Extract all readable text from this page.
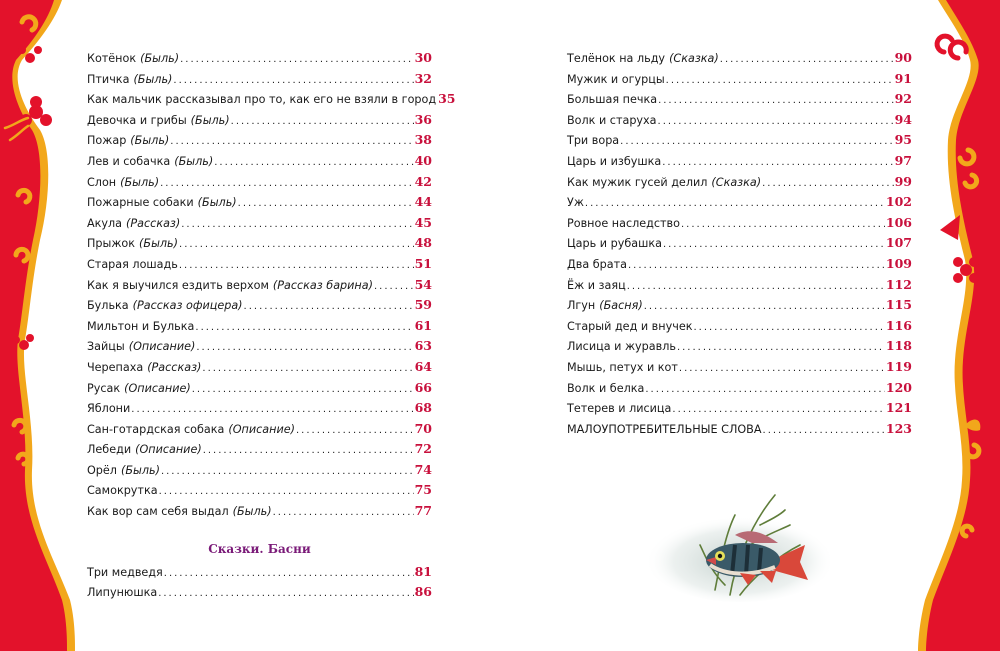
Котёнок (Быль) .....	30
Птичка (Быль) .....	32
Как мальчик рассказывал про то, как его не взяли в город 35
Девочка и грибы (Быль) .....	36
Пожар (Быль) .....	38
Лев и собачка (Быль) .....	40
Слон (Быль) .....	42
Пожарные собаки (Быль) .....	44
Акула (Рассказ) .....	45
Прыжок (Быль) .....	48
Старая лошадь .....	51
Как я выучился ездить верхом (Рассказ барина) .....	54
Булька (Рассказ офицера) .....	59
Мильтон и Булька .....	61
Зайцы (Описание) .....	63
Черепаха (Рассказ) .....	64
Русак (Описание) .....	66
Яблони .....	68
Сан-готардская собака (Описание) .....	70
Лебеди (Описание) .....	72
Орёл (Быль) .....	74
Самокрутка .....	75
Как вор сам себя выдал (Быль) .....	77
Сказки. Басни
Три медведя .....	81
Липунюшка .....	86
Телёнок на льду (Сказка) .....	90
Мужик и огурцы .....	91
Большая печка .....	92
Волк и старуха .....	94
Три вора .....	95
Царь и избушка .....	97
Как мужик гусей делил (Сказка) .....	99
Уж .....	102
Ровное наследство .....	106
Царь и рубашка .....	107
Два брата .....	109
Ёж и заяц .....	112
Лгун (Басня) .....	115
Старый дед и внучек .....	116
Лисица и журавль .....	118
Мышь, петух и кот .....	119
Волк и белка .....	120
Тетерев и лисица .....	121
МАЛОУПОТРЕБИТЕЛЬНЫЕ СЛОВА .....	123
